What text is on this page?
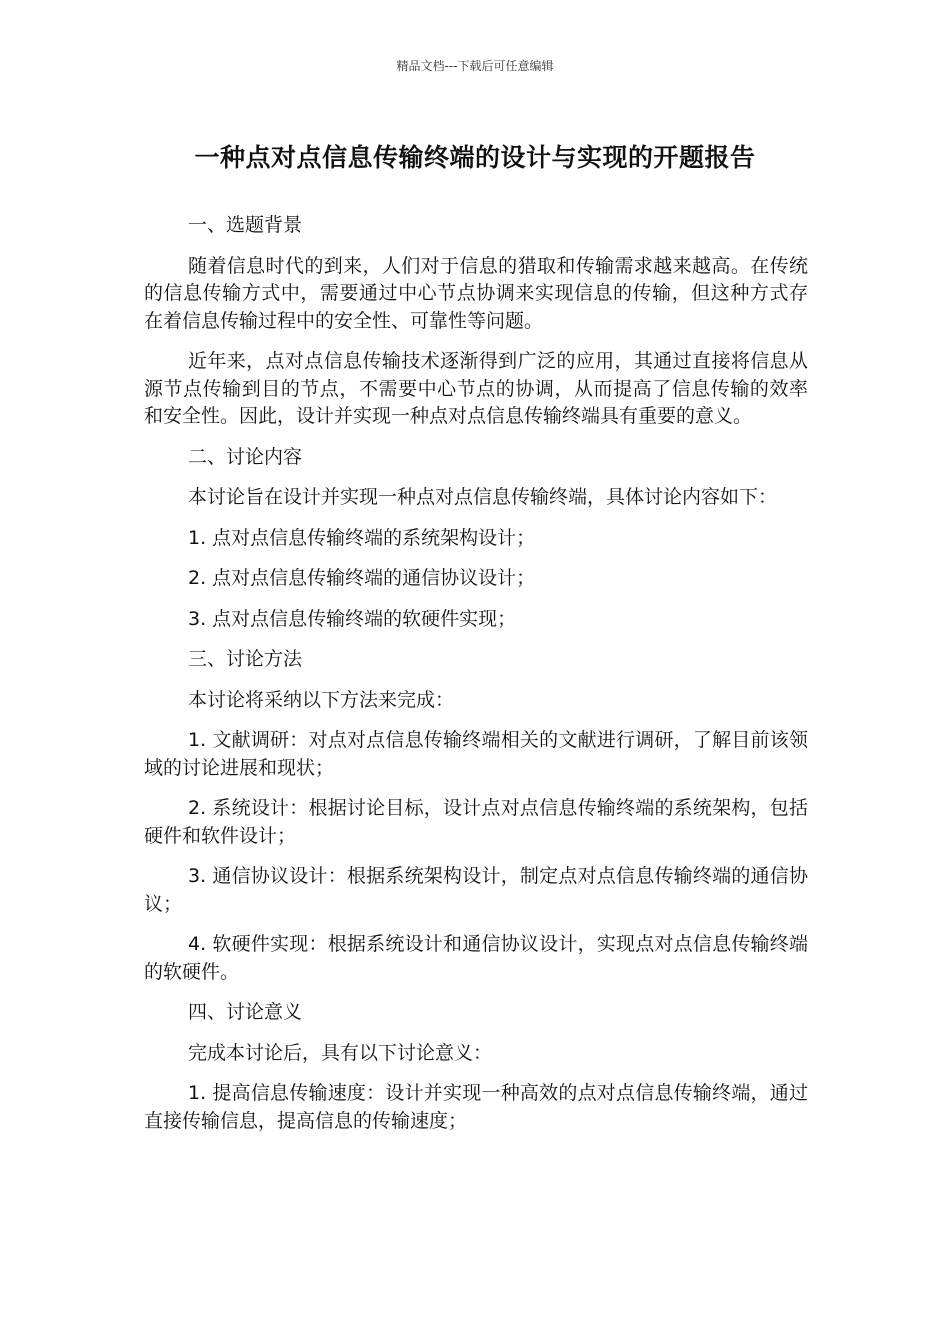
精品文档---下载后可任意编辑
一种点对点信息传输终端的设计与实现的开题报告

一、选题背景

随着信息时代的到来，人们对于信息的猎取和传输需求越来越高。在传统的信息传输方式中，需要通过中心节点协调来实现信息的传输，但这种方式存在着信息传输过程中的安全性、可靠性等问题。

近年来，点对点信息传输技术逐渐得到广泛的应用，其通过直接将信息从源节点传输到目的节点，不需要中心节点的协调，从而提高了信息传输的效率和安全性。因此，设计并实现一种点对点信息传输终端具有重要的意义。

二、讨论内容

本讨论旨在设计并实现一种点对点信息传输终端，具体讨论内容如下：

1. 点对点信息传输终端的系统架构设计；

2. 点对点信息传输终端的通信协议设计；

3. 点对点信息传输终端的软硬件实现；

三、讨论方法

本讨论将采纳以下方法来完成：

1. 文献调研：对点对点信息传输终端相关的文献进行调研，了解目前该领域的讨论进展和现状；

2. 系统设计：根据讨论目标，设计点对点信息传输终端的系统架构，包括硬件和软件设计；

3. 通信协议设计：根据系统架构设计，制定点对点信息传输终端的通信协议；

4. 软硬件实现：根据系统设计和通信协议设计，实现点对点信息传输终端的软硬件。

四、讨论意义

完成本讨论后，具有以下讨论意义：

1. 提高信息传输速度：设计并实现一种高效的点对点信息传输终端，通过直接传输信息，提高信息的传输速度；
